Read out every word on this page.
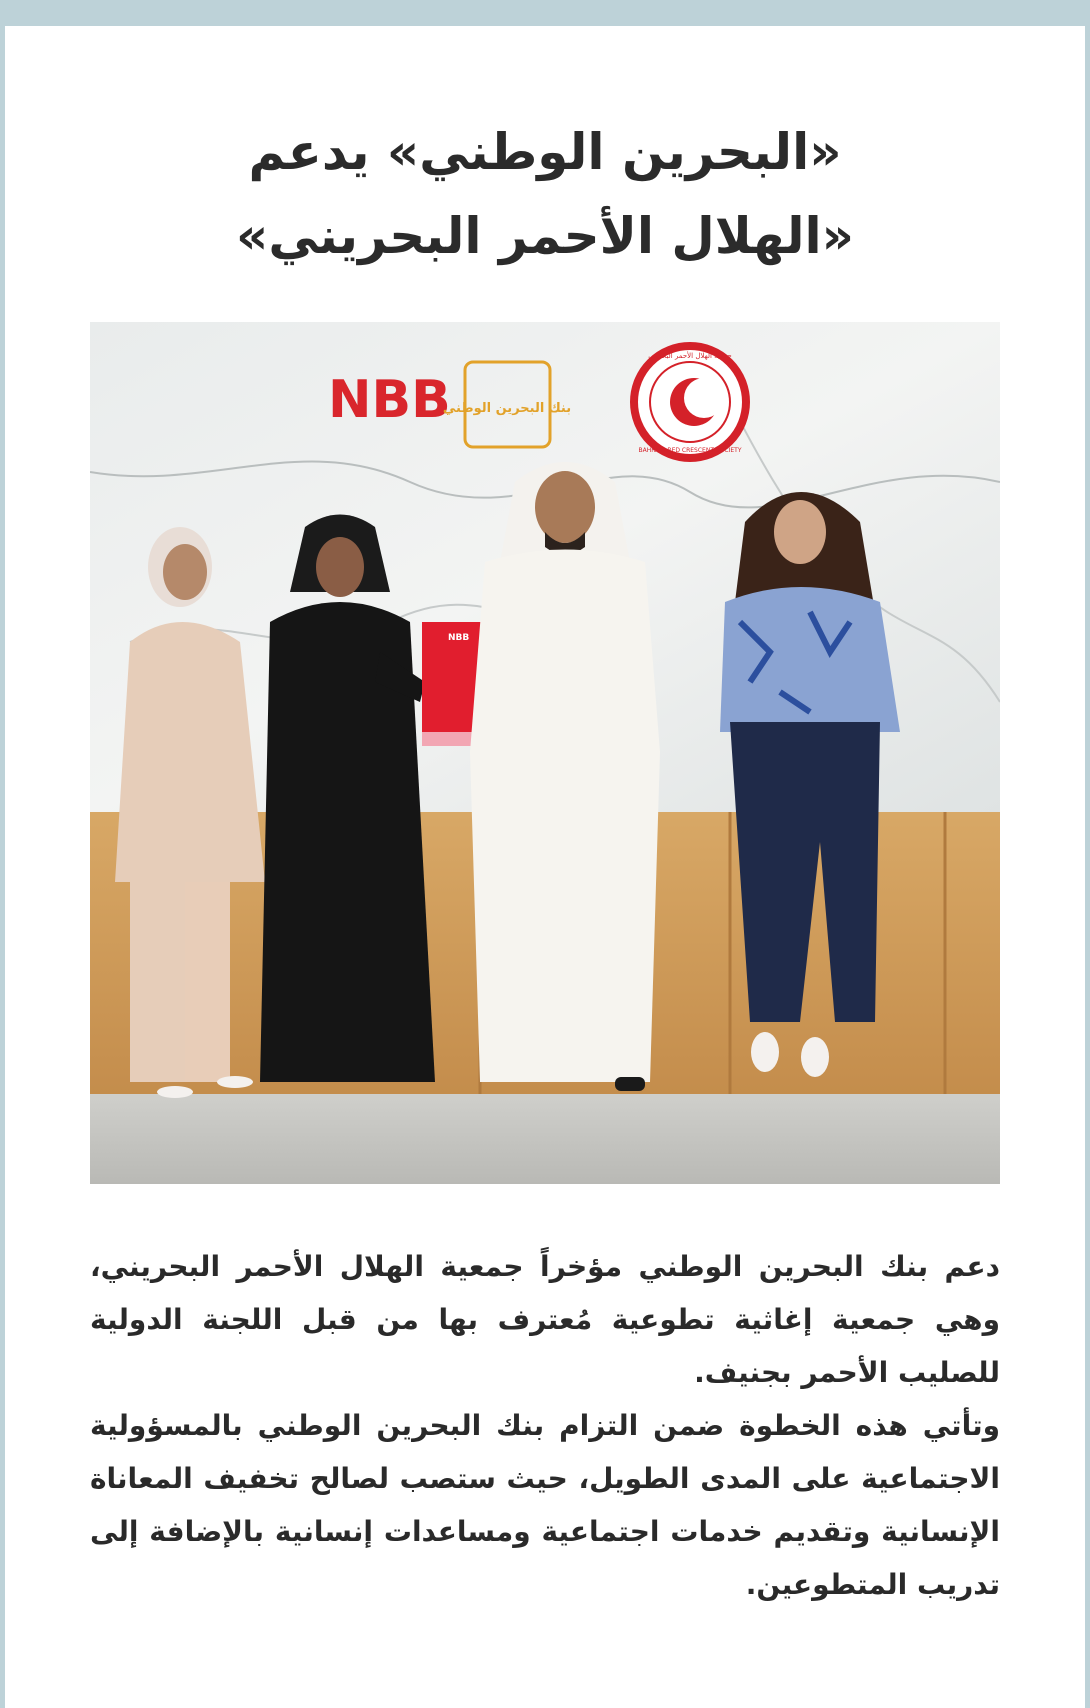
«البحرين الوطني» يدعم
«الهلال الأحمر البحريني»
NBB
بنك البحرين الوطني
جمعية الهلال الأحمر البحريني
BAHRAIN RED CRESCENT SOCIETY
NBB

دعم بنك البحرين الوطني مؤخراً جمعية الهلال الأحمر البحريني، وهي جمعية إغاثية تطوعية مُعترف بها من قبل اللجنة الدولية للصليب الأحمر بجنيف.

وتأتي هذه الخطوة ضمن التزام بنك البحرين الوطني بالمسؤولية الاجتماعية على المدى الطويل، حيث ستصب لصالح تخفيف المعاناة الإنسانية وتقديم خدمات اجتماعية ومساعدات إنسانية بالإضافة إلى تدريب المتطوعين.
